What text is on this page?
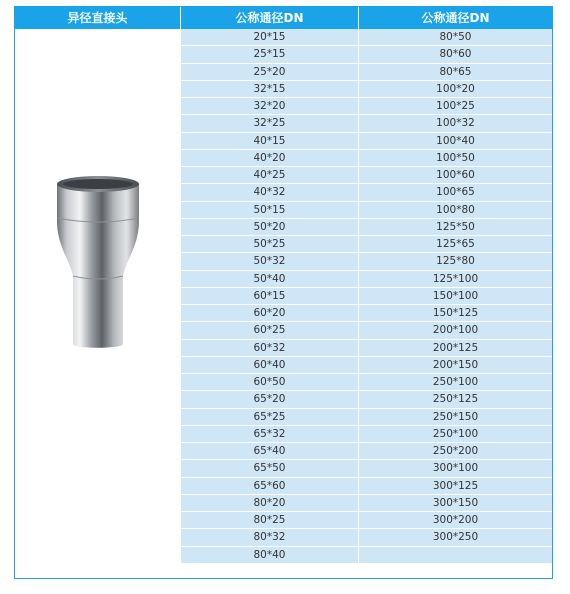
异径直接头	公称通径DN	公称通径DN
20*15
25*15
25*20
32*15
32*20
32*25
40*15
40*20
40*25
40*32
50*15
50*20
50*25
50*32
50*40
60*15
60*20
60*25
60*32
60*40
60*50
65*20
65*25
65*32
65*40
65*50
65*60
80*20
80*25
80*32
80*40
80*50
80*60
80*65
100*20
100*25
100*32
100*40
100*50
100*60
100*65
100*80
125*50
125*65
125*80
125*100
150*100
150*125
200*100
200*125
200*150
250*100
250*125
250*150
250*100
250*200
300*100
300*125
300*150
300*200
300*250
